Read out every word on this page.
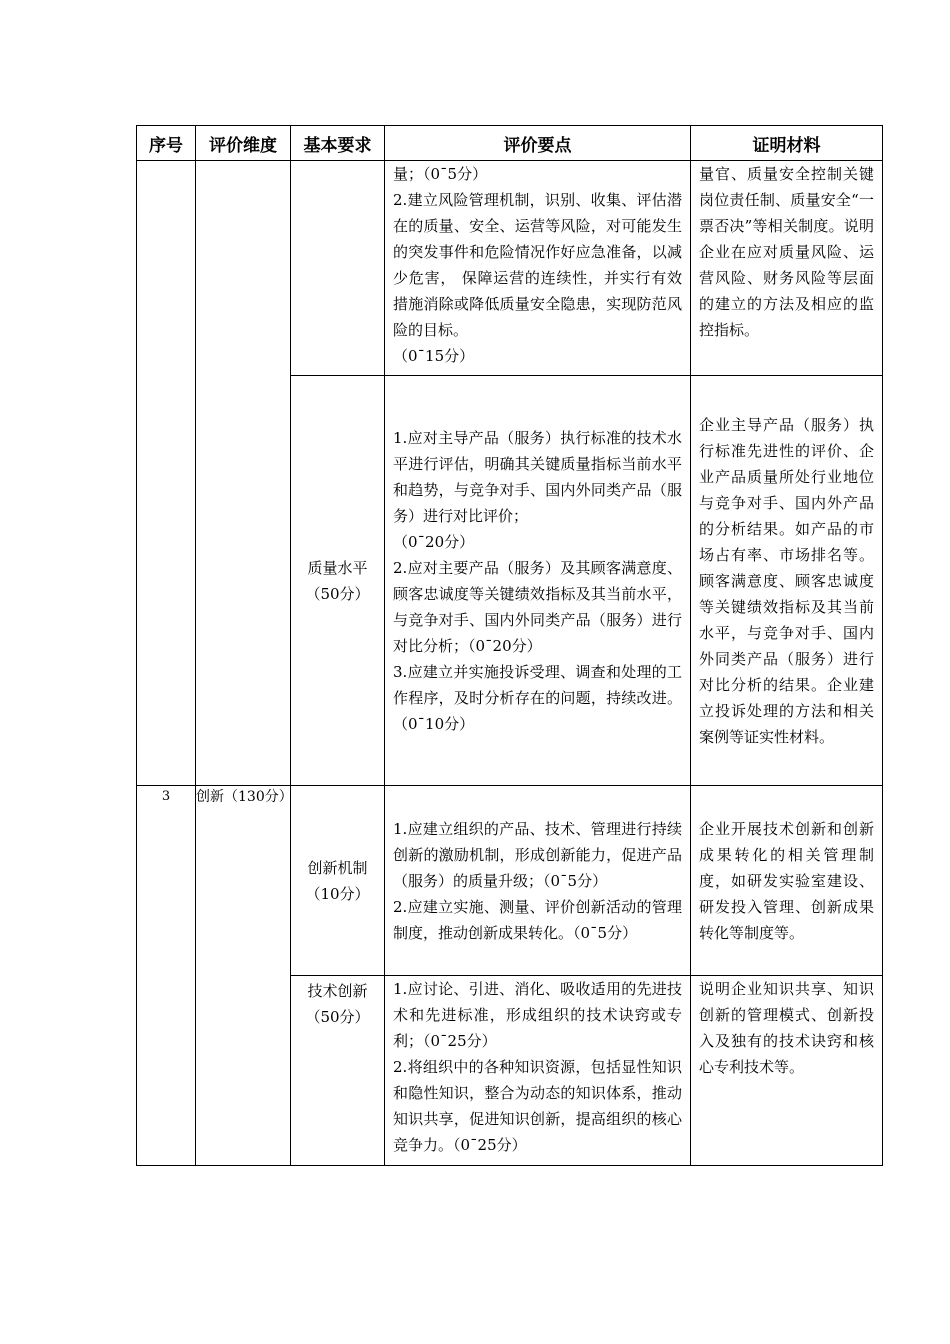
序号	评价维度	基本要求	评价要点	证明材料

			量；（0¯5分）
2.建立风险管理机制，识别、收集、评估潜在的质量、安全、运营等风险，对可能发生的突发事件和危险情况作好应急准备，以减少危害， 保障运营的连续性，并实行有效措施消除或降低质量安全隐患，实现防范风险的目标。
（0¯15分）	量官、质量安全控制关键岗位责任制、质量安全“一票否决”等相关制度。说明企业在应对质量风险、运营风险、财务风险等层面的建立的方法及相应的监控指标。
		质量水平（50分）	1.应对主导产品（服务）执行标准的技术水平进行评估，明确其关键质量指标当前水平和趋势，与竞争对手、国内外同类产品（服务）进行对比评价；
（0¯20分）
2.应对主要产品（服务）及其顾客满意度、顾客忠诚度等关键绩效指标及其当前水平，与竞争对手、国内外同类产品（服务）进行对比分析；（0¯20分）
3.应建立并实施投诉受理、调查和处理的工作程序，及时分析存在的问题，持续改进。（0¯10分）	企业主导产品（服务）执行标准先进性的评价、企业产品质量所处行业地位与竞争对手、国内外产品的分析结果。如产品的市场占有率、市场排名等。顾客满意度、顾客忠诚度等关键绩效指标及其当前水平，与竞争对手、国内外同类产品（服务）进行对比分析的结果。企业建立投诉处理的方法和相关案例等证实性材料。
3	创新（130分）	创新机制（10分）	1.应建立组织的产品、技术、管理进行持续创新的激励机制，形成创新能力，促进产品（服务）的质量升级；（0¯5分）
2.应建立实施、测量、评价创新活动的管理制度，推动创新成果转化。（0¯5分）	企业开展技术创新和创新成果转化的相关管理制度，如研发实验室建设、研发投入管理、创新成果转化等制度等。
		技术创新（50分）	1.应讨论、引进、消化、吸收适用的先进技术和先进标准，形成组织的技术诀窍或专利；（0¯25分）
2.将组织中的各种知识资源，包括显性知识和隐性知识，整合为动态的知识体系，推动知识共享，促进知识创新，提高组织的核心竞争力。（0¯25分）	说明企业知识共享、知识创新的管理模式、创新投入及独有的技术诀窍和核心专利技术等。
